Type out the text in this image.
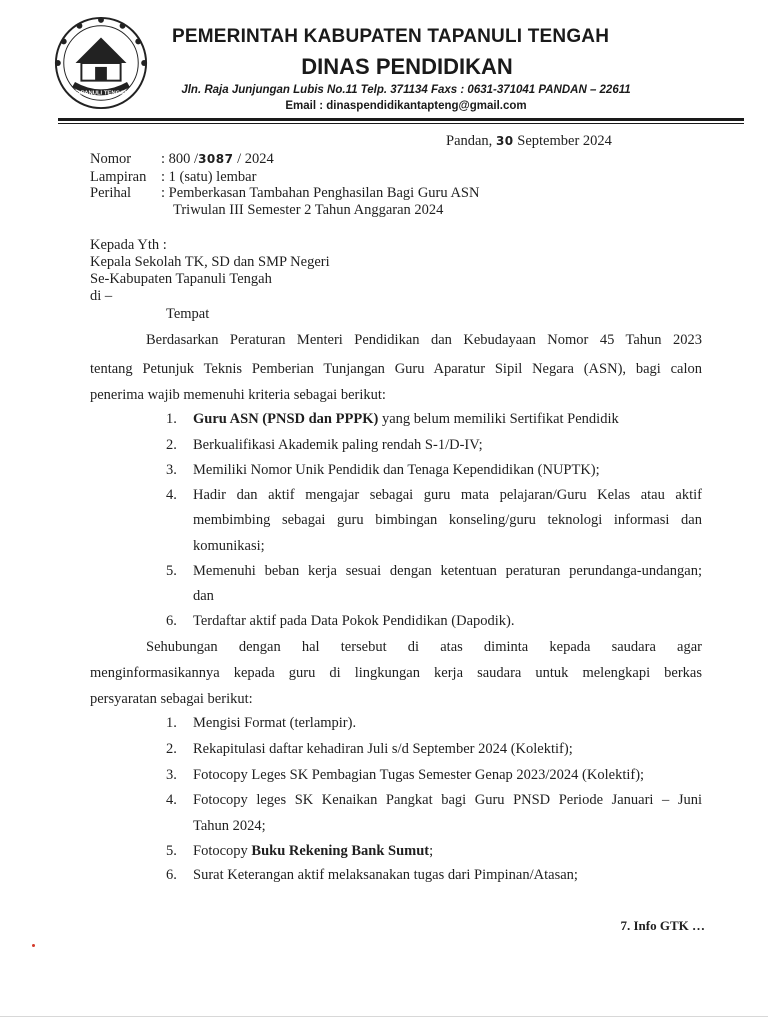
TAPANULI TENGAH
PEMERINTAH KABUPATEN TAPANULI TENGAH
DINAS PENDIDIKAN
Jln. Raja Junjungan Lubis No.11 Telp. 371134 Faxs : 0631-371041 PANDAN – 22611
Email : dinaspendidikantapteng@gmail.com
Pandan, 30 September 2024
Nomor : 800 /3087 / 2024
Lampiran : 1 (satu) lembar
Perihal : Pemberkasan Tambahan Penghasilan Bagi Guru ASN
Triwulan III Semester 2 Tahun Anggaran 2024
Kepada Yth :
Kepala Sekolah TK, SD dan SMP Negeri
Se-Kabupaten Tapanuli Tengah
di –
Tempat
Berdasarkan Peraturan Menteri Pendidikan dan Kebudayaan Nomor 45 Tahun 2023
tentang Petunjuk Teknis Pemberian Tunjangan Guru Aparatur Sipil Negara (ASN), bagi calon
penerima wajib memenuhi kriteria sebagai berikut:
1. Guru ASN (PNSD dan PPPK) yang belum memiliki Sertifikat Pendidik
2. Berkualifikasi Akademik paling rendah S-1/D-IV;
3. Memiliki Nomor Unik Pendidik dan Tenaga Kependidikan (NUPTK);
4. Hadir dan aktif mengajar sebagai guru mata pelajaran/Guru Kelas atau aktif
membimbing sebagai guru bimbingan konseling/guru teknologi informasi dan
komunikasi;
5. Memenuhi beban kerja sesuai dengan ketentuan peraturan perundanga-undangan;
dan
6. Terdaftar aktif pada Data Pokok Pendidikan (Dapodik).
Sehubungan dengan hal tersebut di atas diminta kepada saudara agar
menginformasikannya kepada guru di lingkungan kerja saudara untuk melengkapi berkas
persyaratan sebagai berikut:
1. Mengisi Format (terlampir).
2. Rekapitulasi daftar kehadiran Juli s/d September 2024 (Kolektif);
3. Fotocopy Leges SK Pembagian Tugas Semester Genap 2023/2024 (Kolektif);
4. Fotocopy leges SK Kenaikan Pangkat bagi Guru PNSD Periode Januari – Juni
Tahun 2024;
5. Fotocopy Buku Rekening Bank Sumut;
6. Surat Keterangan aktif melaksanakan tugas dari Pimpinan/Atasan;
7. Info GTK …
